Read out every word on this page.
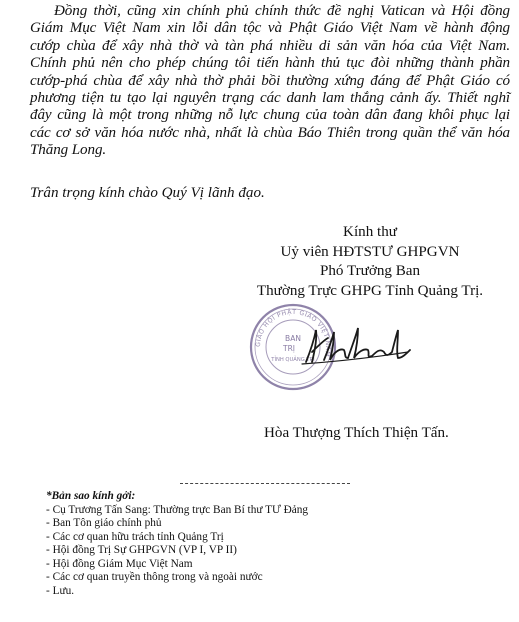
Đồng thời, cũng xin chính phủ chính thức đề nghị Vatican và Hội đồng
Giám Mục Việt Nam xin lỗi dân tộc và Phật Giáo Việt Nam về hành động
cướp chùa để xây nhà thờ và tàn phá nhiều di sản văn hóa của Việt Nam.
Chính phủ nên cho phép chúng tôi tiến hành thủ tục đòi những thành phần
cướp-phá chùa để xây nhà thờ phải bồi thường xứng đáng để Phật Giáo có
phương tiện tu tạo lại nguyên trạng các danh lam thắng cảnh ấy. Thiết nghĩ
đây cũng là một trong những nỗ lực chung của toàn dân đang khôi phục lại
các cơ sở văn hóa nước nhà, nhất là chùa Báo Thiên trong quần thể văn hóa
Thăng Long.

Trân trọng kính chào Quý Vị lãnh đạo.
Kính thư
Uỷ viên HĐTSTƯ GHPGVN
Phó Trưởng Ban
Thường Trực GHPG Tỉnh Quảng Trị.
GIÁO HỘI PHẬT GIÁO VIỆT NAM
BAN
TRỊ
TỈNH QUẢNG TRỊ
Hòa Thượng Thích Thiện Tấn.
*Bản sao kính gởi:
- Cụ Trương Tấn Sang: Thường trực Ban Bí thư TƯ Đảng
- Ban Tôn giáo chính phủ
- Các cơ quan hữu trách tỉnh Quảng Trị
- Hội đồng Trị Sự GHPGVN (VP I, VP II)
- Hội đồng Giám Mục Việt Nam
- Các cơ quan truyền thông trong và ngoài nước
- Lưu.
